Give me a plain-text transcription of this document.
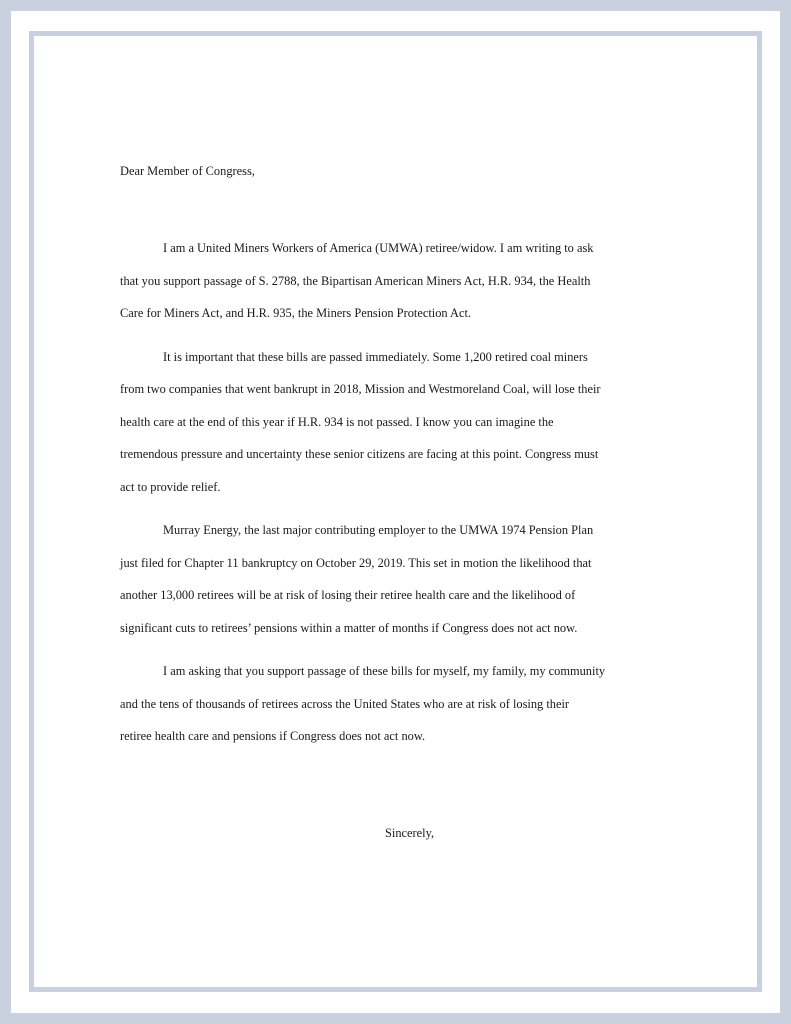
Dear Member of Congress,

I am a United Miners Workers of America (UMWA) retiree/widow. I am writing to ask
that you support passage of S. 2788, the Bipartisan American Miners Act, H.R. 934, the Health
Care for Miners Act, and H.R. 935, the Miners Pension Protection Act.

It is important that these bills are passed immediately. Some 1,200 retired coal miners
from two companies that went bankrupt in 2018, Mission and Westmoreland Coal, will lose their
health care at the end of this year if H.R. 934 is not passed. I know you can imagine the
tremendous pressure and uncertainty these senior citizens are facing at this point. Congress must
act to provide relief.

Murray Energy, the last major contributing employer to the UMWA 1974 Pension Plan
just filed for Chapter 11 bankruptcy on October 29, 2019. This set in motion the likelihood that
another 13,000 retirees will be at risk of losing their retiree health care and the likelihood of
significant cuts to retirees’ pensions within a matter of months if Congress does not act now.

I am asking that you support passage of these bills for myself, my family, my community
and the tens of thousands of retirees across the United States who are at risk of losing their
retiree health care and pensions if Congress does not act now.

Sincerely,
